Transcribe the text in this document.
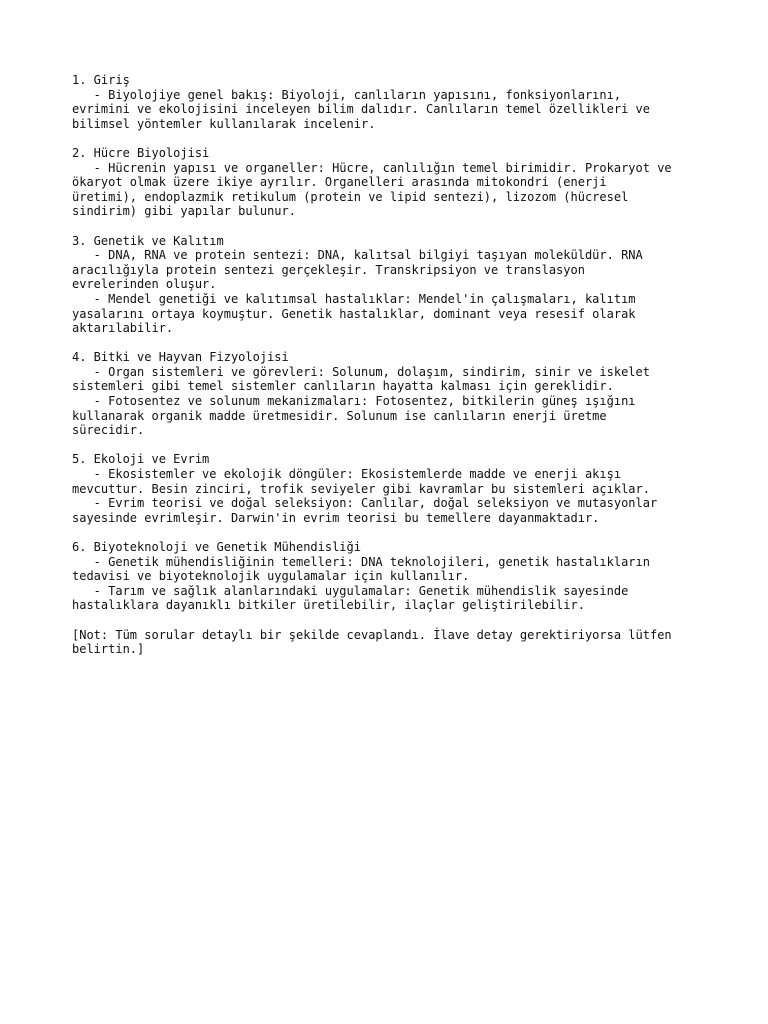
1. Giriş
- Biyolojiye genel bakış: Biyoloji, canlıların yapısını, fonksiyonlarını,
evrimini ve ekolojisini inceleyen bilim dalıdır. Canlıların temel özellikleri ve
bilimsel yöntemler kullanılarak incelenir.
2. Hücre Biyolojisi
- Hücrenin yapısı ve organeller: Hücre, canlılığın temel birimidir. Prokaryot ve
ökaryot olmak üzere ikiye ayrılır. Organelleri arasında mitokondri (enerji
üretimi), endoplazmik retikulum (protein ve lipid sentezi), lizozom (hücresel
sindirim) gibi yapılar bulunur.
3. Genetik ve Kalıtım
- DNA, RNA ve protein sentezi: DNA, kalıtsal bilgiyi taşıyan moleküldür. RNA
aracılığıyla protein sentezi gerçekleşir. Transkripsiyon ve translasyon
evrelerinden oluşur.
- Mendel genetiği ve kalıtımsal hastalıklar: Mendel'in çalışmaları, kalıtım
yasalarını ortaya koymuştur. Genetik hastalıklar, dominant veya resesif olarak
aktarılabilir.
4. Bitki ve Hayvan Fizyolojisi
- Organ sistemleri ve görevleri: Solunum, dolaşım, sindirim, sinir ve iskelet
sistemleri gibi temel sistemler canlıların hayatta kalması için gereklidir.
- Fotosentez ve solunum mekanizmaları: Fotosentez, bitkilerin güneş ışığını
kullanarak organik madde üretmesidir. Solunum ise canlıların enerji üretme
sürecidir.
5. Ekoloji ve Evrim
- Ekosistemler ve ekolojik döngüler: Ekosistemlerde madde ve enerji akışı
mevcuttur. Besin zinciri, trofik seviyeler gibi kavramlar bu sistemleri açıklar.
- Evrim teorisi ve doğal seleksiyon: Canlılar, doğal seleksiyon ve mutasyonlar
sayesinde evrimleşir. Darwin'in evrim teorisi bu temellere dayanmaktadır.
6. Biyoteknoloji ve Genetik Mühendisliği
- Genetik mühendisliğinin temelleri: DNA teknolojileri, genetik hastalıkların
tedavisi ve biyoteknolojik uygulamalar için kullanılır.
- Tarım ve sağlık alanlarındaki uygulamalar: Genetik mühendislik sayesinde
hastalıklara dayanıklı bitkiler üretilebilir, ilaçlar geliştirilebilir.
[Not: Tüm sorular detaylı bir şekilde cevaplandı. İlave detay gerektiriyorsa lütfen
belirtin.]
